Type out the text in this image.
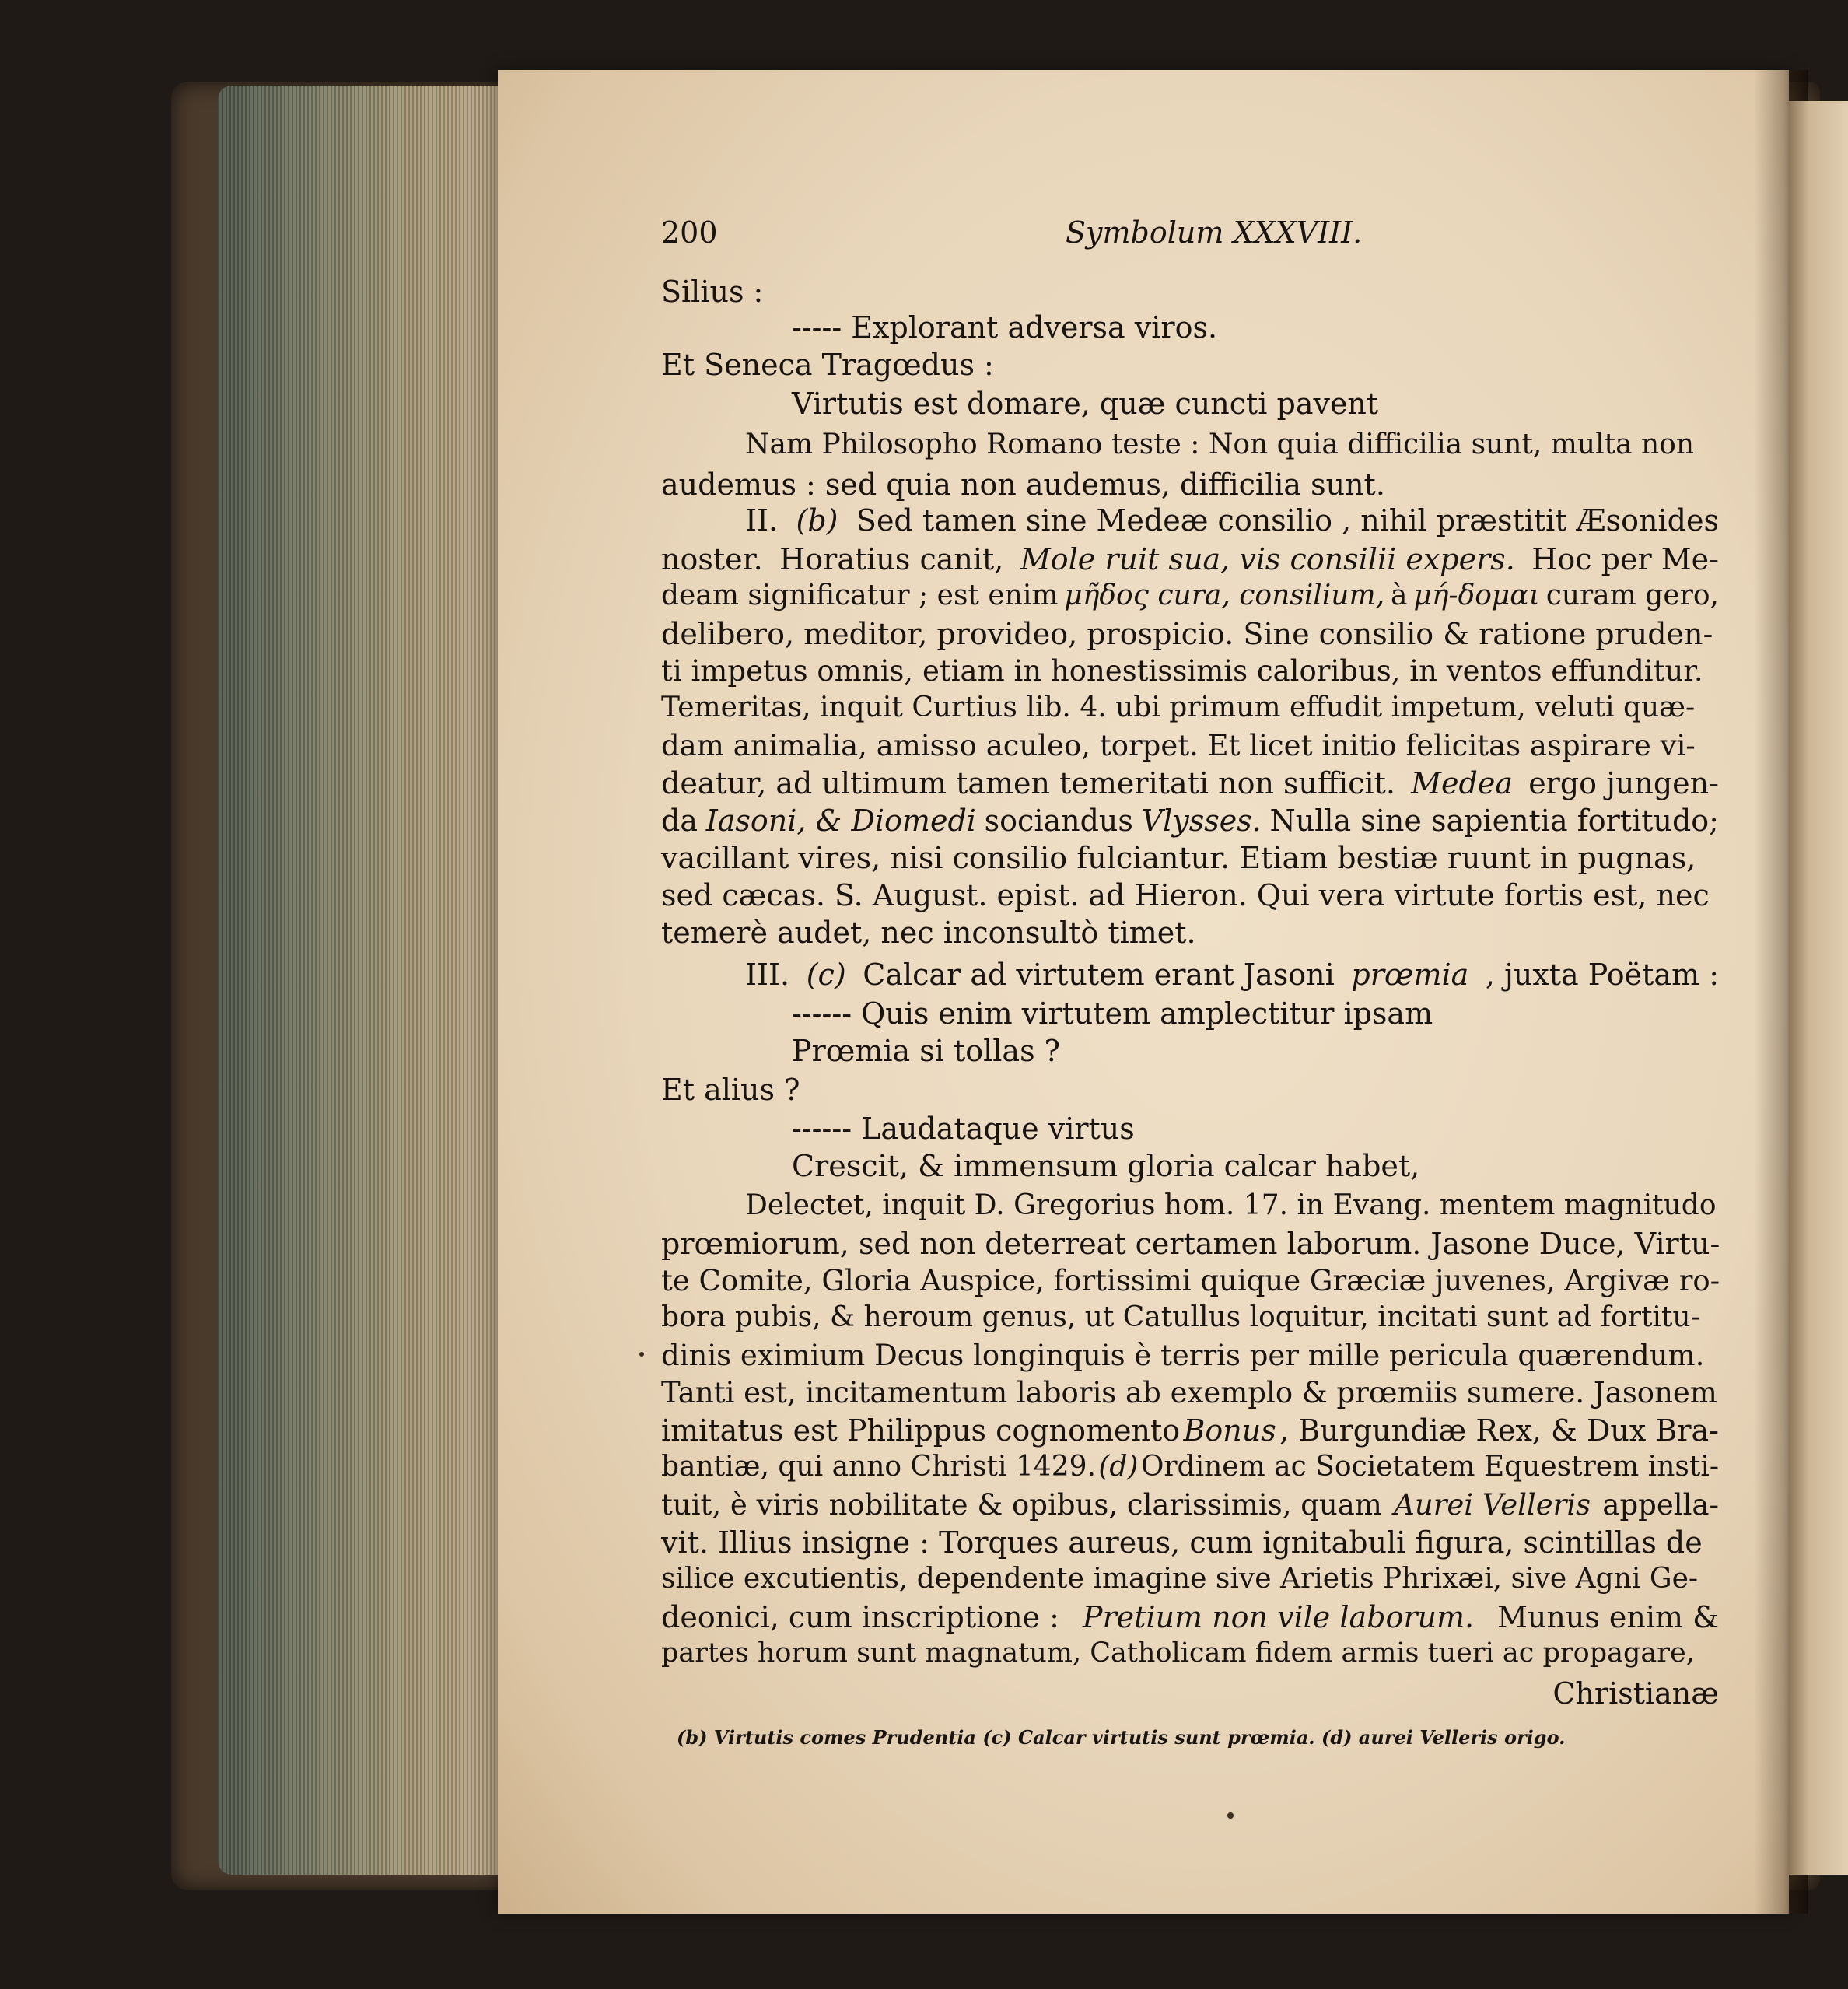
200	Symbolum XXXVIII.
Silius :
----- Explorant adversa viros.
Et Seneca Tragœdus :
Virtutis est domare, quæ cuncti pavent
Nam Philosopho Romano teste : Non quia difficilia sunt, multa non
audemus : sed quia non audemus, difficilia sunt.
II. (b) Sed tamen sine Medeæ consilio , nihil præstitit Æsonides
noster. Horatius canit, Mole ruit sua, vis consilii expers. Hoc per Me-
deam significatur ; est enim μῆδος cura, consilium, à μή-δομαι curam gero,
delibero, meditor, provideo, prospicio. Sine consilio & ratione pruden-
ti impetus omnis, etiam in honestissimis caloribus, in ventos effunditur.
Temeritas, inquit Curtius lib. 4. ubi primum effudit impetum, veluti quæ-
dam animalia, amisso aculeo, torpet. Et licet initio felicitas aspirare vi-
deatur, ad ultimum tamen temeritati non sufficit. Medea ergo jungen-
da Iasoni, & Diomedi sociandus Vlysses. Nulla sine sapientia fortitudo;
vacillant vires, nisi consilio fulciantur. Etiam bestiæ ruunt in pugnas,
sed cæcas. S. August. epist. ad Hieron. Qui vera virtute fortis est, nec
temerè audet, nec inconsultò timet.
III. (c) Calcar ad virtutem erant Jasoni prœmia , juxta Poëtam :
------ Quis enim virtutem amplectitur ipsam
Prœmia si tollas ?
Et alius ?
------ Laudataque virtus
Crescit, & immensum gloria calcar habet,
Delectet, inquit D. Gregorius hom. 17. in Evang. mentem magnitudo
prœmiorum, sed non deterreat certamen laborum. Jasone Duce, Virtu-
te Comite, Gloria Auspice, fortissimi quique Græciæ juvenes, Argivæ ro-
bora pubis, & heroum genus, ut Catullus loquitur, incitati sunt ad fortitu-
dinis eximium Decus longinquis è terris per mille pericula quærendum.
Tanti est, incitamentum laboris ab exemplo & prœmiis sumere. Jasonem
imitatus est Philippus cognomento Bonus , Burgundiæ Rex, & Dux Bra-
bantiæ, qui anno Christi 1429. (d) Ordinem ac Societatem Equestrem insti-
tuit, è viris nobilitate & opibus, clarissimis, quam Aurei Velleris appella-
vit. Illius insigne : Torques aureus, cum ignitabuli figura, scintillas de
silice excutientis, dependente imagine sive Arietis Phrixæi, sive Agni Ge-
deonici, cum inscriptione : Pretium non vile laborum. Munus enim &
partes horum sunt magnatum, Catholicam fidem armis tueri ac propagare,
Christianæ
(b) Virtutis comes Prudentia (c) Calcar virtutis sunt prœmia. (d) aurei Velleris origo.
